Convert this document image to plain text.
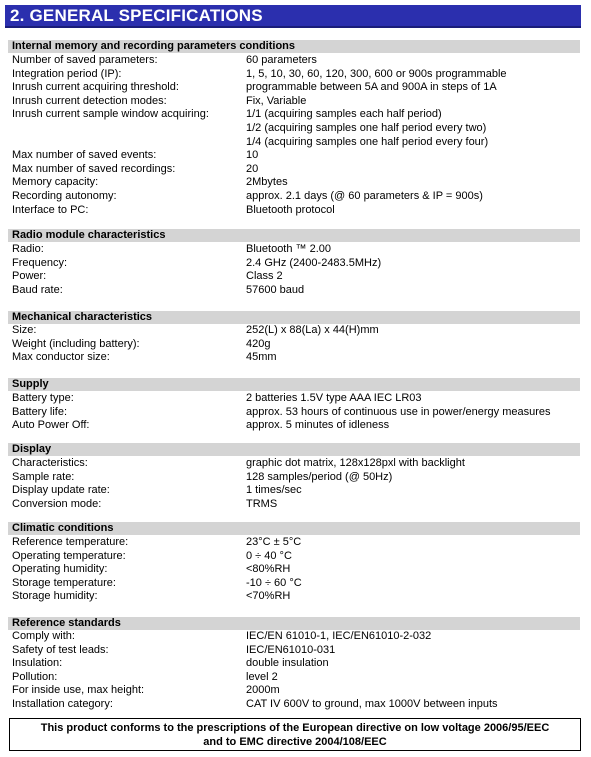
2. GENERAL SPECIFICATIONS
Internal memory and recording parameters conditions
Number of saved parameters:	60 parameters
Integration period (IP):	1, 5, 10, 30, 60, 120, 300, 600 or 900s programmable
Inrush current acquiring threshold:	programmable between 5A and 900A in steps of 1A
Inrush current detection modes:	Fix, Variable
Inrush current sample window acquiring:	1/1 (acquiring samples each half period)
1/2 (acquiring samples one half period every two)
1/4 (acquiring samples one half period every four)
Max number of saved events:	10
Max number of saved recordings:	20
Memory capacity:	2Mbytes
Recording autonomy:	approx. 2.1 days (@ 60 parameters & IP = 900s)
Interface to PC:	Bluetooth protocol
Radio module characteristics
Radio:	Bluetooth ™ 2.00
Frequency:	2.4 GHz (2400-2483.5MHz)
Power:	Class 2
Baud rate:	57600 baud
Mechanical characteristics
Size:	252(L) x 88(La) x 44(H)mm
Weight (including battery):	420g
Max conductor size:	45mm
Supply
Battery type:	2 batteries 1.5V type AAA IEC LR03
Battery life:	approx. 53 hours of continuous use in power/energy measures
Auto Power Off:	approx. 5 minutes of idleness
Display
Characteristics:	graphic dot matrix, 128x128pxl with backlight
Sample rate:	128 samples/period (@ 50Hz)
Display update rate:	1 times/sec
Conversion mode:	TRMS
Climatic conditions
Reference temperature:	23°C ± 5°C
Operating temperature:	0 ÷ 40 °C
Operating humidity:	<80%RH
Storage temperature:	-10 ÷ 60 °C
Storage humidity:	<70%RH
Reference standards
Comply with:	IEC/EN 61010-1, IEC/EN61010-2-032
Safety of test leads:	IEC/EN61010-031
Insulation:	double insulation
Pollution:	level 2
For inside use, max height:	2000m
Installation category:	CAT IV 600V to ground, max 1000V between inputs
This product conforms to the prescriptions of the European directive on low voltage 2006/95/EEC
and to EMC directive 2004/108/EEC
